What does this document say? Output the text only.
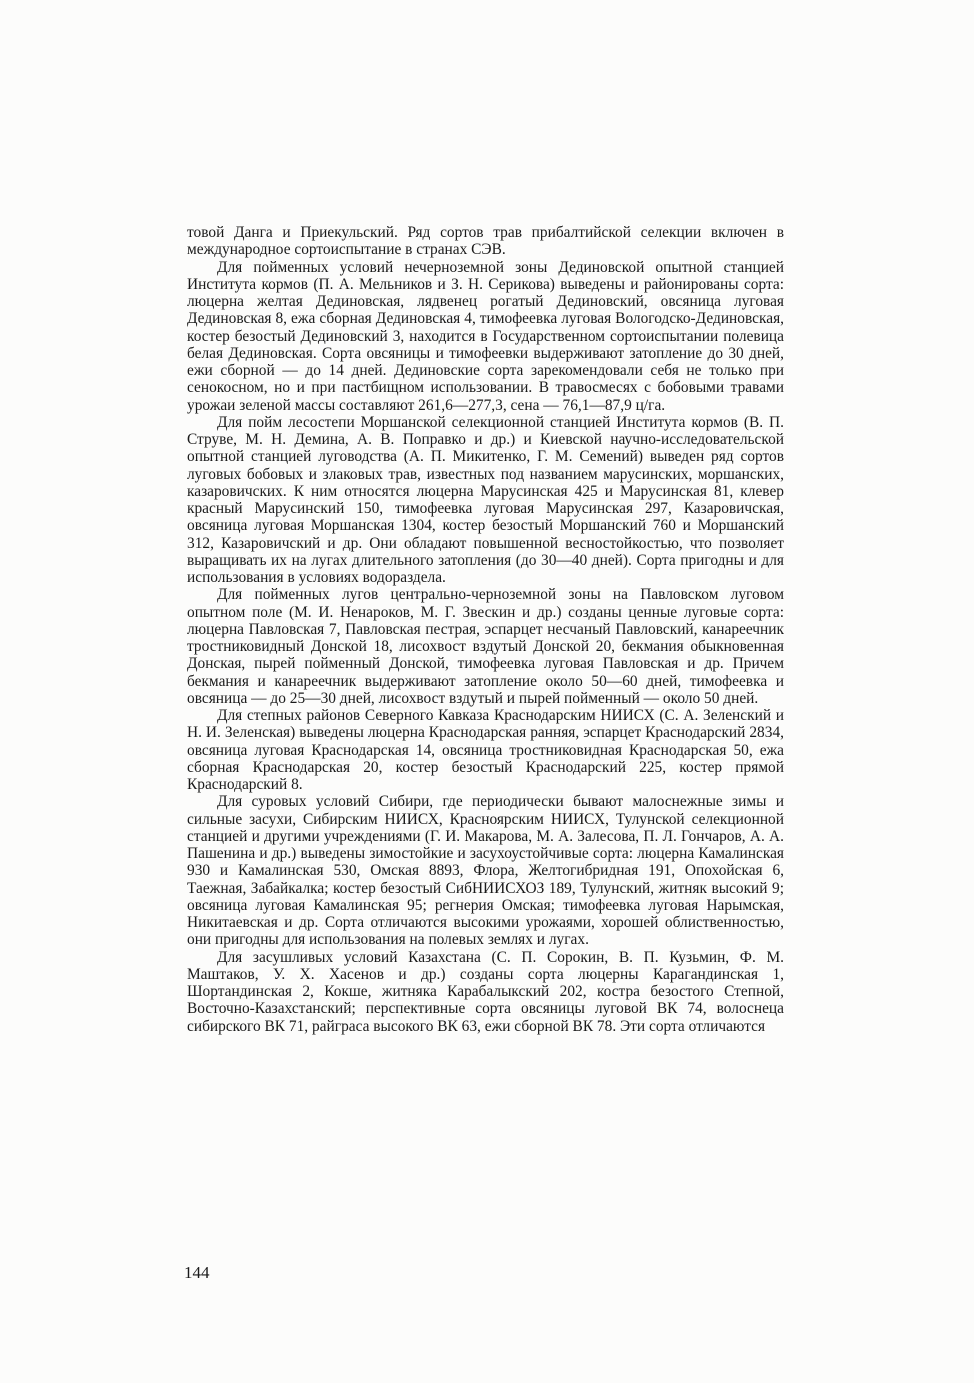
товой Данга и Приекульский. Ряд сортов трав прибалтийской селекции включен в международное сортоиспытание в странах СЭВ.

Для пойменных условий нечерноземной зоны Дединовской опытной станцией Института кормов (П. А. Мельников и З. Н. Серикова) выведены и районированы сорта: люцерна желтая Дединовская, лядвенец рогатый Дединовский, овсяница луговая Дединовская 8, ежа сборная Дединовская 4, тимофеевка луговая Вологодско-Дединовская, костер безостый Дединовский 3, находится в Государственном сортоиспытании полевица белая Дединовская. Сорта овсяницы и тимофеевки выдерживают затопление до 30 дней, ежи сборной — до 14 дней. Дединовские сорта зарекомендовали себя не только при сенокосном, но и при пастбищном использовании. В травосмесях с бобовыми травами урожаи зеленой массы составляют 261,6—277,3, сена — 76,1—87,9 ц/га.

Для пойм лесостепи Моршанской селекционной станцией Института кормов (В. П. Струве, М. Н. Демина, А. В. Поправко и др.) и Киевской научно-исследовательской опытной станцией луговодства (А. П. Микитенко, Г. М. Семений) выведен ряд сортов луговых бобовых и злаковых трав, известных под названием марусинских, моршанских, казаровичских. К ним относятся люцерна Марусинская 425 и Марусинская 81, клевер красный Марусинский 150, тимофеевка луговая Марусинская 297, Казаровичская, овсяница луговая Моршанская 1304, костер безостый Моршанский 760 и Моршанский 312, Казаровичский и др. Они обладают повышенной весностойкостью, что позволяет выращивать их на лугах длительного затопления (до 30—40 дней). Сорта пригодны и для использования в условиях водораздела.

Для пойменных лугов центрально-черноземной зоны на Павловском луговом опытном поле (М. И. Ненароков, М. Г. Звескин и др.) созданы ценные луговые сорта: люцерна Павловская 7, Павловская пестрая, эспарцет несчаный Павловский, канареечник тростниковидный Донской 18, лисохвост вздутый Донской 20, бекмания обыкновенная Донская, пырей пойменный Донской, тимофеевка луговая Павловская и др. Причем бекмания и канареечник выдерживают затопление около 50—60 дней, тимофеевка и овсяница — до 25—30 дней, лисохвост вздутый и пырей пойменный — около 50 дней.

Для степных районов Северного Кавказа Краснодарским НИИСХ (С. А. Зеленский и Н. И. Зеленская) выведены люцерна Краснодарская ранняя, эспарцет Краснодарский 2834, овсяница луговая Краснодарская 14, овсяница тростниковидная Краснодарская 50, ежа сборная Краснодарская 20, костер безостый Краснодарский 225, костер прямой Краснодарский 8.

Для суровых условий Сибири, где периодически бывают малоснежные зимы и сильные засухи, Сибирским НИИСХ, Красноярским НИИСХ, Тулунской селекционной станцией и другими учреждениями (Г. И. Макарова, М. А. Залесова, П. Л. Гончаров, А. А. Пашенина и др.) выведены зимостойкие и засухоустойчивые сорта: люцерна Камалинская 930 и Камалинская 530, Омская 8893, Флора, Желтогибридная 191, Опохойская 6, Таежная, Забайкалка; костер безостый СибНИИСХОЗ 189, Тулунский, житняк высокий 9; овсяница луговая Камалинская 95; регнерия Омская; тимофеевка луговая Нарымская, Никитаевская и др. Сорта отличаются высокими урожаями, хорошей облиственностью, они пригодны для использования на полевых землях и лугах.

Для засушливых условий Казахстана (С. П. Сорокин, В. П. Кузьмин, Ф. М. Маштаков, У. Х. Хасенов и др.) созданы сорта люцерны Карагандинская 1, Шортандинская 2, Кокше, житняка Карабалыкский 202, костра безостого Степной, Восточно-Казахстанский; перспективные сорта овсяницы луговой ВК 74, волоснеца сибирского ВК 71, райграса высокого ВК 63, ежи сборной ВК 78. Эти сорта отличаются

144
